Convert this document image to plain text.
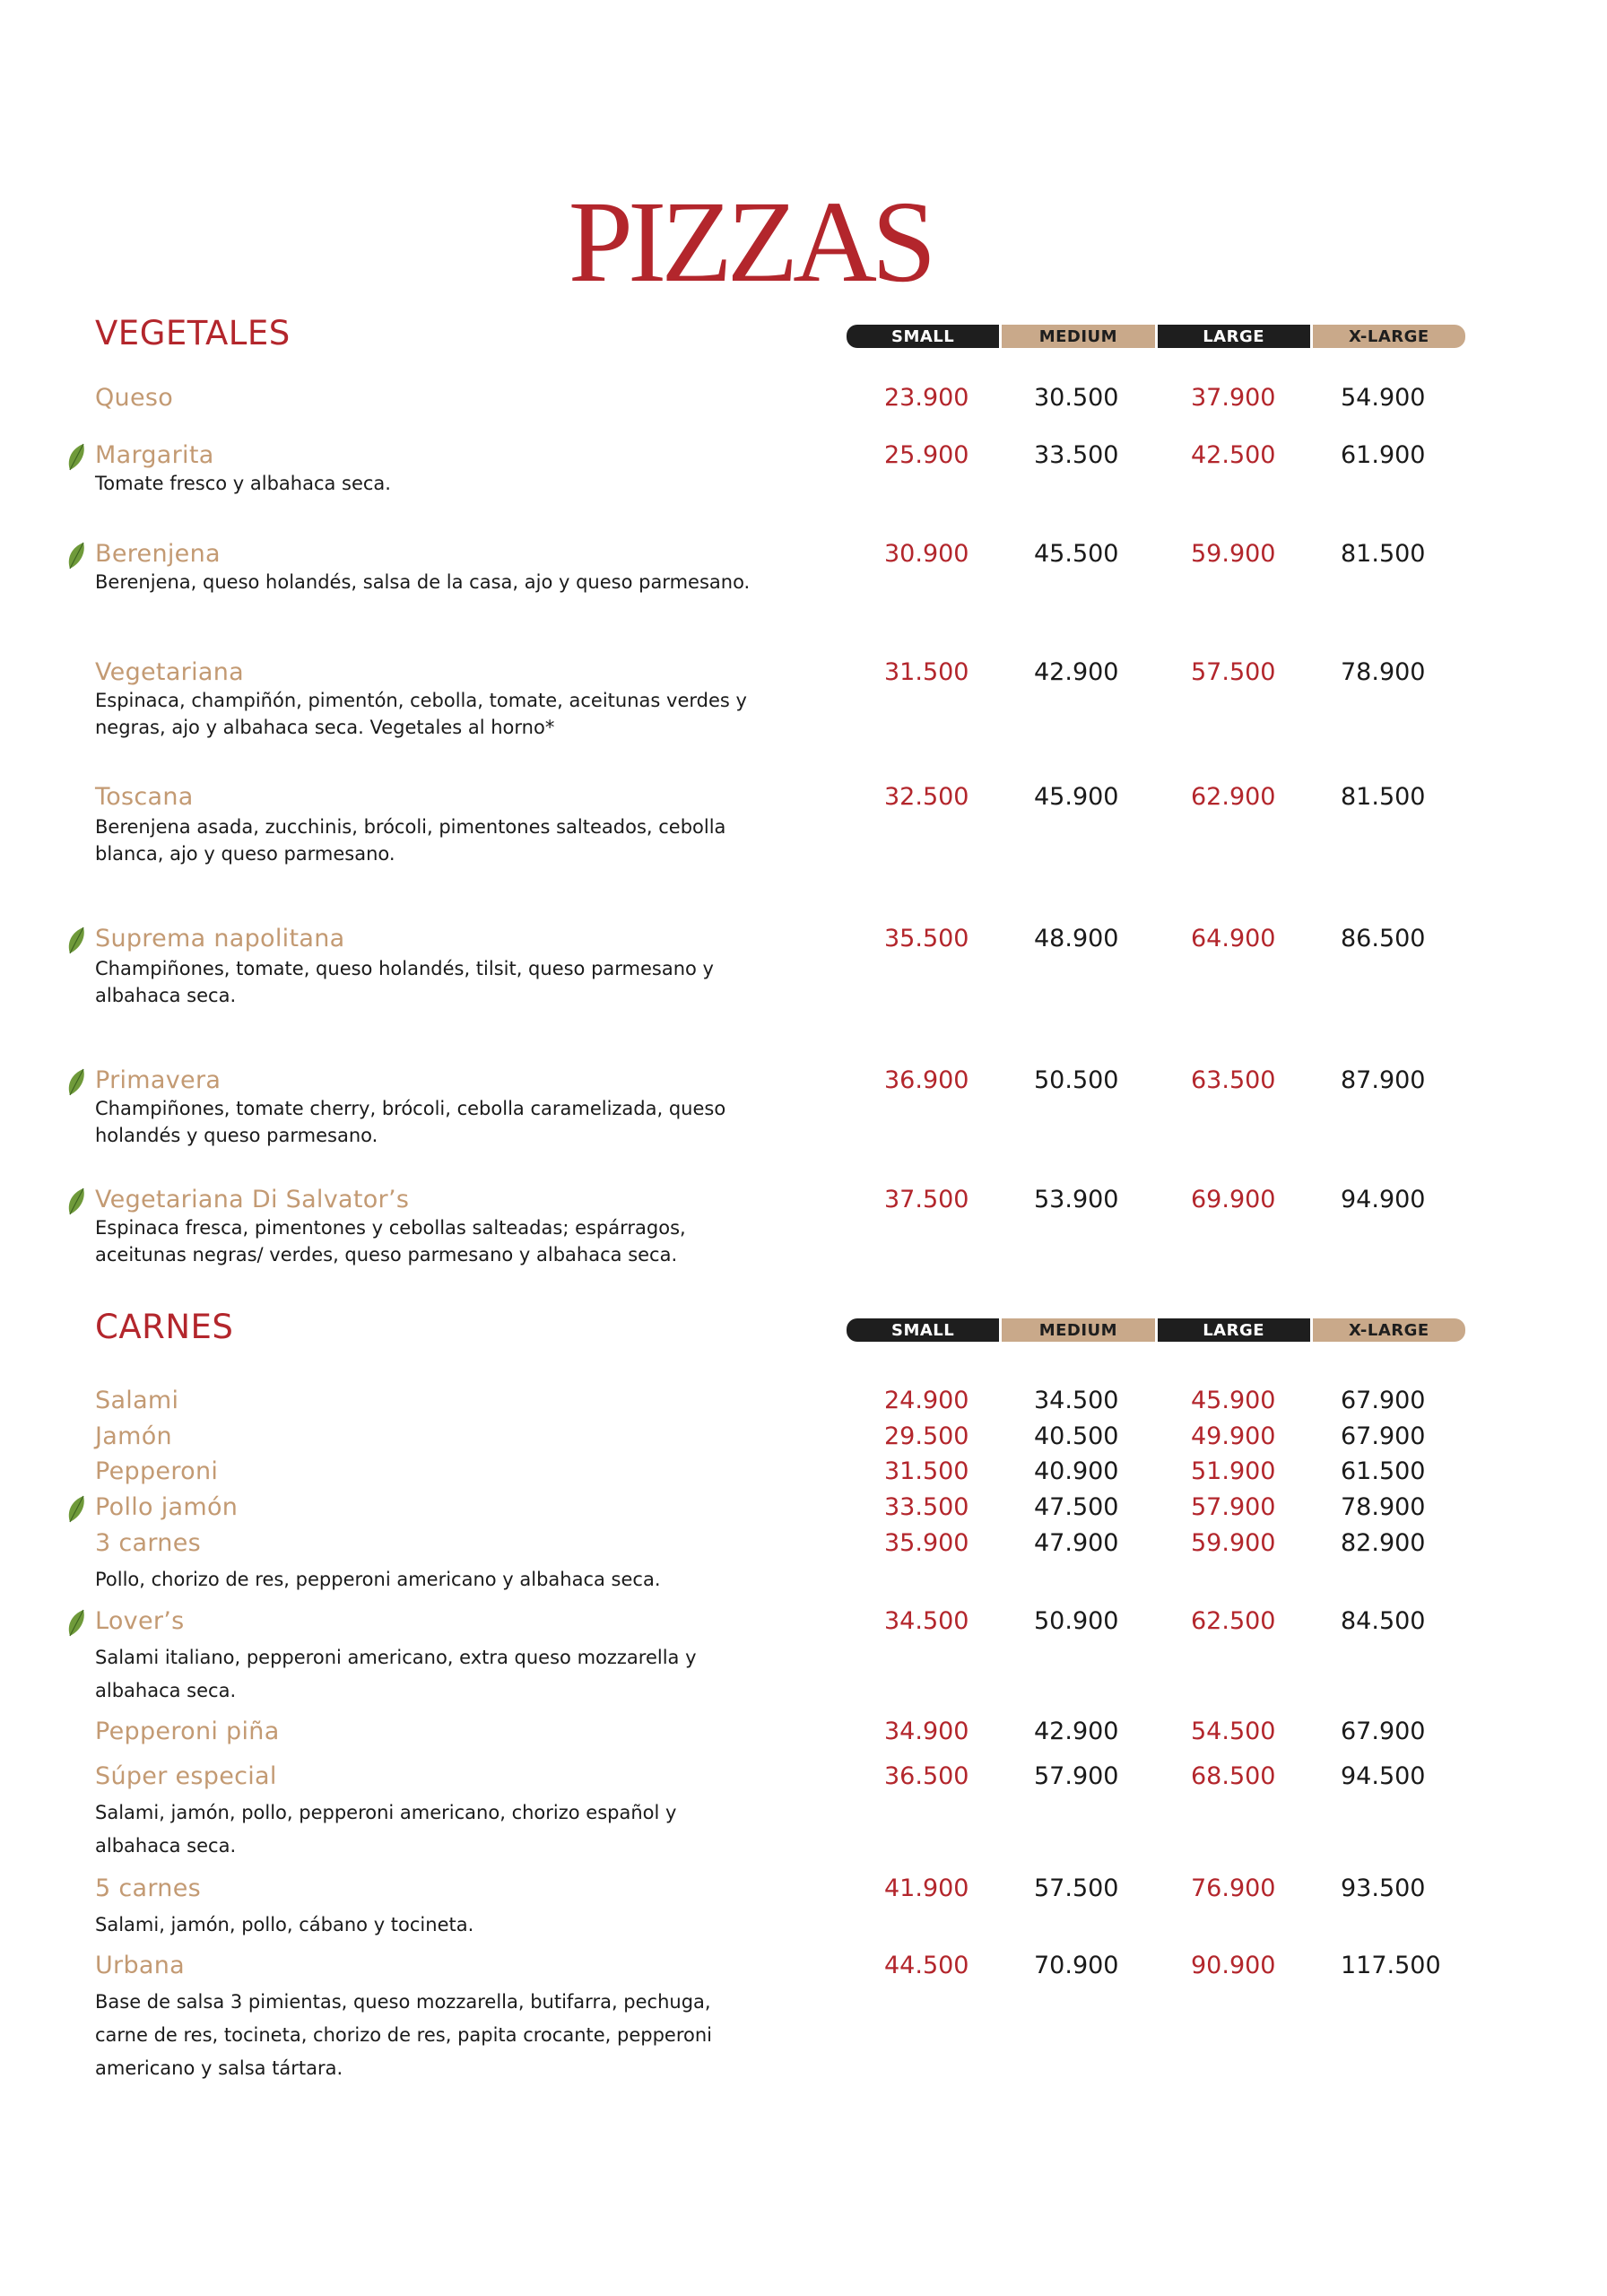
PIZZAS
VEGETALES	SMALL	MEDIUM	LARGE	X-LARGE
Queso	23.900	30.500	37.900	54.900
Margarita
Tomate fresco y albahaca seca.
25.900	33.500	42.500	61.900
Berenjena
Berenjena, queso holandés, salsa de la casa, ajo y queso parmesano.
30.900	45.500	59.900	81.500
Vegetariana
Espinaca, champiñón, pimentón, cebolla, tomate, aceitunas verdes y negras, ajo y albahaca seca. Vegetales al horno*
31.500	42.900	57.500	78.900
Toscana
Berenjena asada, zucchinis, brócoli, pimentones salteados, cebolla blanca, ajo y queso parmesano.
32.500	45.900	62.900	81.500
Suprema napolitana
Champiñones, tomate, queso holandés, tilsit, queso parmesano y albahaca seca.
35.500	48.900	64.900	86.500
Primavera
Champiñones, tomate cherry, brócoli, cebolla caramelizada, queso holandés y queso parmesano.
36.900	50.500	63.500	87.900
Vegetariana Di Salvator’s
Espinaca fresca, pimentones y cebollas salteadas; espárragos, aceitunas negras/ verdes, queso parmesano y albahaca seca.
37.500	53.900	69.900	94.900
CARNES	SMALL	MEDIUM	LARGE	X-LARGE
Salami	24.900	34.500	45.900	67.900
Jamón	29.500	40.500	49.900	67.900
Pepperoni	31.500	40.900	51.900	61.500
Pollo jamón	33.500	47.500	57.900	78.900
3 carnes
Pollo, chorizo de res, pepperoni americano y albahaca seca.
35.900	47.900	59.900	82.900
Lover’s
Salami italiano, pepperoni americano, extra queso mozzarella y albahaca seca.
34.500	50.900	62.500	84.500
Pepperoni piña	34.900	42.900	54.500	67.900
Súper especial
Salami, jamón, pollo, pepperoni americano, chorizo español y albahaca seca.
36.500	57.900	68.500	94.500
5 carnes
Salami, jamón, pollo, cábano y tocineta.
41.900	57.500	76.900	93.500
Urbana
Base de salsa 3 pimientas, queso mozzarella, butifarra, pechuga, carne de res, tocineta, chorizo de res, papita crocante, pepperoni americano y salsa tártara.
44.500	70.900	90.900	117.500
